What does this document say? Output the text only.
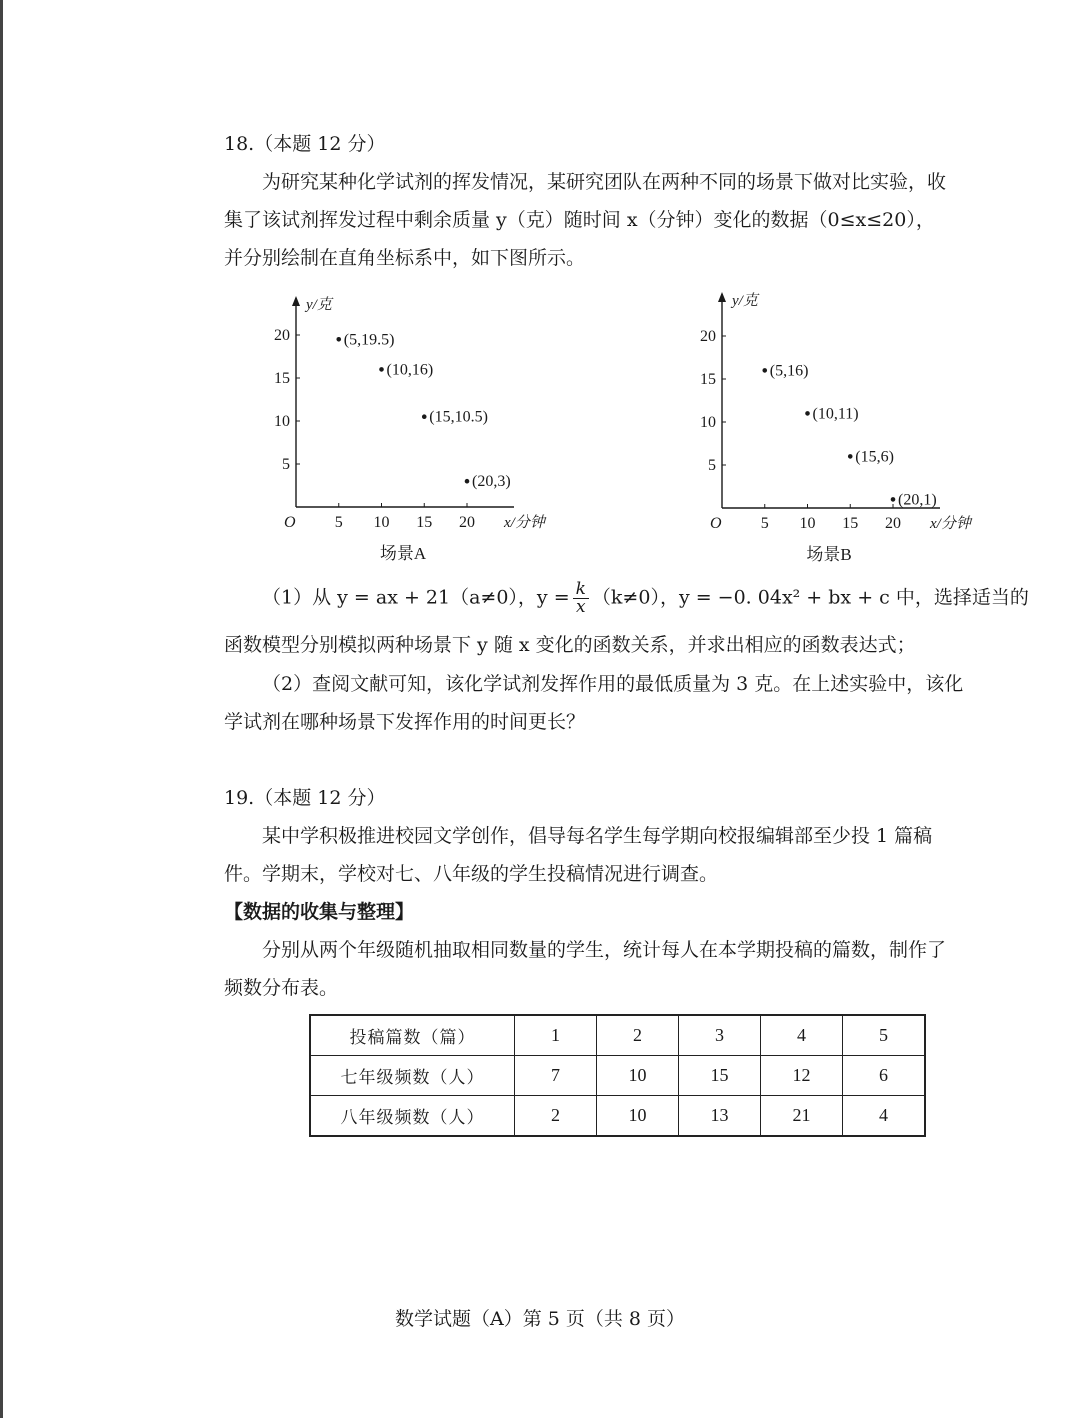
18.（本题 12 分）
为研究某种化学试剂的挥发情况，某研究团队在两种不同的场景下做对比实验，收
集了该试剂挥发过程中剩余质量 y（克）随时间 x（分钟）变化的数据（0≤x≤20），
并分别绘制在直角坐标系中，如下图所示。
y/克
x/分钟
O 5 10 15 20
5
10
15
20	(5,19.5)
(10,16)
(15,10.5)
(20,3)
场景A
y/克
x/分钟
O 5 10 15 20
5
10
15
20
(5,16)
(10,11)
(15,6)
(20,1)
场景B
（1）从 y = ax + 21（a≠0），$y = \frac{k}{x} (k\ne 0)$，y = −0. 04x² + bx + c 中，选择适当的
函数模型分别模拟两种场景下 y 随 x 变化的函数关系，并求出相应的函数表达式；
（2）查阅文献可知，该化学试剂发挥作用的最低质量为 3 克。在上述实验中，该化
学试剂在哪种场景下发挥作用的时间更长？
19.（本题 12 分）
某中学积极推进校园文学创作，倡导每名学生每学期向校报编辑部至少投 1 篇稿
件。学期末，学校对七、八年级的学生投稿情况进行调查。
【数据的收集与整理】
分别从两个年级随机抽取相同数量的学生，统计每人在本学期投稿的篇数，制作了
频数分布表。
投稿篇数（篇）	1	2	3	4	5
七年级频数（人）	7	10	15	12	6
八年级频数（人）	2	10	13	21	4
数学试题（A）第 5 页（共 8 页）
